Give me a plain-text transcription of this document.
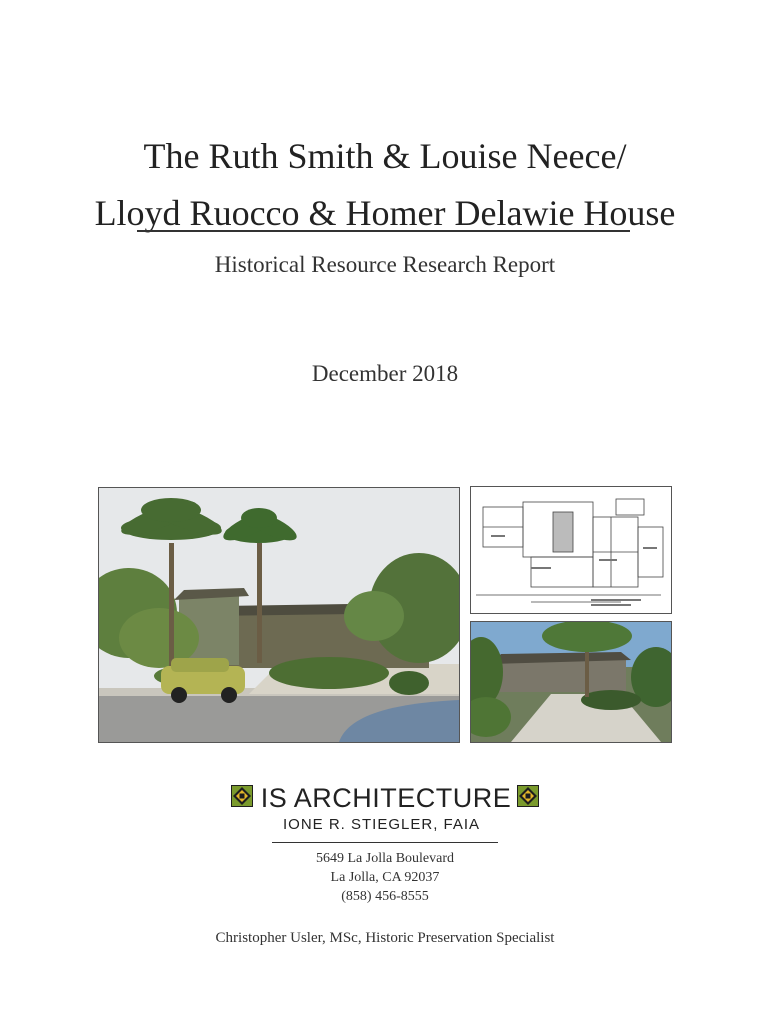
The Ruth Smith & Louise Neece/
Lloyd Ruocco & Homer Delawie House
Historical Resource Research Report
December 2018
IS ARCHITECTURE
IONE R. STIEGLER, FAIA
5649 La Jolla Boulevard
La Jolla, CA 92037
(858) 456-8555
Christopher Usler, MSc, Historic Preservation Specialist
